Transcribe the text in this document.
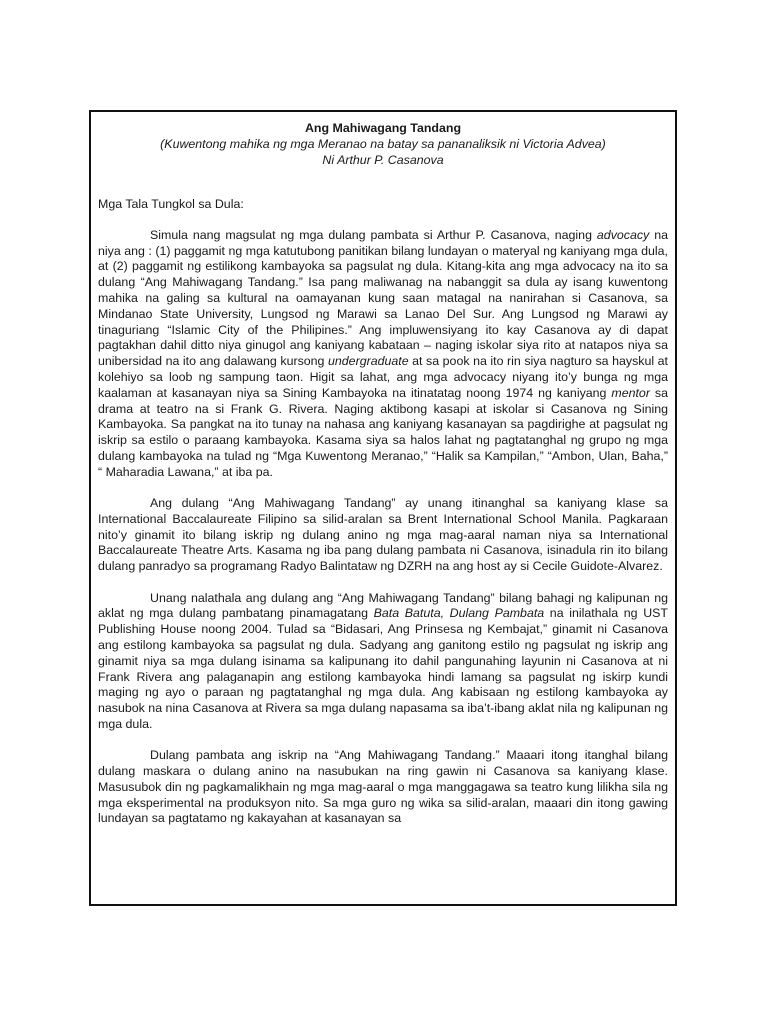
Ang Mahiwagang Tandang
(Kuwentong mahika ng mga Meranao na batay sa pananaliksik ni Victoria Advea)
Ni Arthur P. Casanova
Mga Tala Tungkol sa Dula:

Simula nang magsulat ng mga dulang pambata si Arthur P. Casanova, naging advocacy na niya ang : (1) paggamit ng mga katutubong panitikan bilang lundayan o materyal ng kaniyang mga dula, at (2) paggamit ng estilikong kambayoka sa pagsulat ng dula. Kitang-kita ang mga advocacy na ito sa dulang “Ang Mahiwagang Tandang.” Isa pang maliwanag na nabanggit sa dula ay isang kuwentong mahika na galing sa kultural na oamayanan kung saan matagal na nanirahan si Casanova, sa Mindanao State University, Lungsod ng Marawi sa Lanao Del Sur. Ang Lungsod ng Marawi ay tinaguriang “Islamic City of the Philipines.” Ang impluwensiyang ito kay Casanova ay di dapat pagtakhan dahil ditto niya ginugol ang kaniyang kabataan – naging iskolar siya rito at natapos niya sa unibersidad na ito ang dalawang kursong undergraduate at sa pook na ito rin siya nagturo sa hayskul at kolehiyo sa loob ng sampung taon. Higit sa lahat, ang mga advocacy niyang ito’y bunga ng mga kaalaman at kasanayan niya sa Sining Kambayoka na itinatatag noong 1974 ng kaniyang mentor sa drama at teatro na si Frank G. Rivera. Naging aktibong kasapi at iskolar si Casanova ng Sining Kambayoka. Sa pangkat na ito tunay na nahasa ang kaniyang kasanayan sa pagdirighe at pagsulat ng iskrip sa estilo o paraang kambayoka. Kasama siya sa halos lahat ng pagtatanghal ng grupo ng mga dulang kambayoka na tulad ng “Mga Kuwentong Meranao,” “Halik sa Kampilan,” “Ambon, Ulan, Baha,” “ Maharadia Lawana,” at iba pa.

Ang dulang “Ang Mahiwagang Tandang” ay unang itinanghal sa kaniyang klase sa International Baccalaureate Filipino sa silid-aralan sa Brent International School Manila. Pagkaraan nito’y ginamit ito bilang iskrip ng dulang anino ng mga mag-aaral naman niya sa International Baccalaureate Theatre Arts. Kasama ng iba pang dulang pambata ni Casanova, isinadula rin ito bilang dulang panradyo sa programang Radyo Balintataw ng DZRH na ang host ay si Cecile Guidote-Alvarez.

Unang nalathala ang dulang ang “Ang Mahiwagang Tandang” bilang bahagi ng kalipunan ng aklat ng mga dulang pambatang pinamagatang Bata Batuta, Dulang Pambata na inilathala ng UST Publishing House noong 2004. Tulad sa “Bidasari, Ang Prinsesa ng Kembajat,” ginamit ni Casanova ang estilong kambayoka sa pagsulat ng dula. Sadyang ang ganitong estilo ng pagsulat ng iskrip ang ginamit niya sa mga dulang isinama sa kalipunang ito dahil pangunahing layunin ni Casanova at ni Frank Rivera ang palaganapin ang estilong kambayoka hindi lamang sa pagsulat ng iskirp kundi maging ng ayo o paraan ng pagtatanghal ng mga dula. Ang kabisaan ng estilong kambayoka ay nasubok na nina Casanova at Rivera sa mga dulang napasama sa iba’t-ibang aklat nila ng kalipunan ng mga dula.

Dulang pambata ang iskrip na “Ang Mahiwagang Tandang.” Maaari itong itanghal bilang dulang maskara o dulang anino na nasubukan na ring gawin ni Casanova sa kaniyang klase. Masusubok din ng pagkamalikhain ng mga mag-aaral o mga manggagawa sa teatro kung lilikha sila ng mga eksperimental na produksyon nito. Sa mga guro ng wika sa silid-aralan, maaari din itong gawing lundayan sa pagtatamo ng kakayahan at kasanayan sa
